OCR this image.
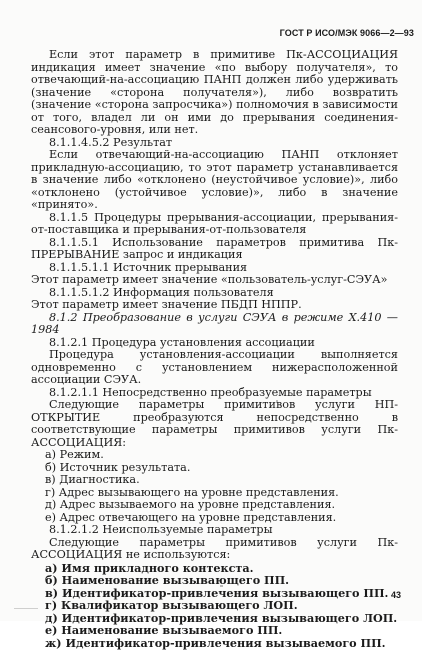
ГОСТ Р ИСО/МЭК 9066—2—93

Если этот параметр в примитиве Пк-АССОЦИАЦИЯ индикация имеет значение «по выбору получателя», то отвечающий-на-ассоциацию ПАНП должен либо удерживать (значение «сторона получателя»), либо возвратить (значение «сторона запросчика») полномочия в зависимости от того, владел ли он ими до прерывания соединения-сеансового-уровня, или нет.

8.1.1.4.5.2 Результат

Если отвечающий-на-ассоциацию ПАНП отклоняет прикладную-ассоциацию, то этот параметр устанавливается в значение либо «отклонено (неустойчивое условие)», либо «отклонено (устойчивое условие)», либо в значение «принято».

8.1.1.5 Процедуры прерывания-ассоциации, прерывания-от-поставщика и прерывания-от-пользователя

8.1.1.5.1 Использование параметров примитива Пк-ПРЕРЫВАНИЕ запрос и индикация

8.1.1.5.1.1 Источник прерывания

Этот параметр имеет значение «пользователь-услуг-СЭУА»

8.1.1.5.1.2 Информация пользователя

Этот параметр имеет значение ПБДП НППР.

8.1.2 Преобразование в услуги СЭУА в режиме X.410 — 1984

8.1.2.1 Процедура установления ассоциации

Процедура установления-ассоциации выполняется одновременно с установлением нижерасположенной ассоциации СЭУА.

8.1.2.1.1 Непосредственно преобразуемые параметры

Следующие параметры примитивов услуги НП-ОТКРЫТИЕ преобразуются непосредственно в соответствующие параметры примитивов услуги Пк-АССОЦИАЦИЯ:

а) Режим.

б) Источник результата.

в) Диагностика.

г) Адрес вызывающего на уровне представления.

д) Адрес вызываемого на уровне представления.

е) Адрес отвечающего на уровне представления.

8.1.2.1.2 Неиспользуемые параметры

Следующие параметры примитивов услуги Пк-АССОЦИАЦИЯ не используются:

а) Имя прикладного контекста.

б) Наименование вызывающего ПП.

в) Идентификатор-привлечения вызывающего ПП.

г) Квалификатор вызывающего ЛОП.

д) Идентификатор-привлечения вызывающего ЛОП.

е) Наименование вызываемого ПП.

ж) Идентификатор-привлечения вызываемого ПП.

43
